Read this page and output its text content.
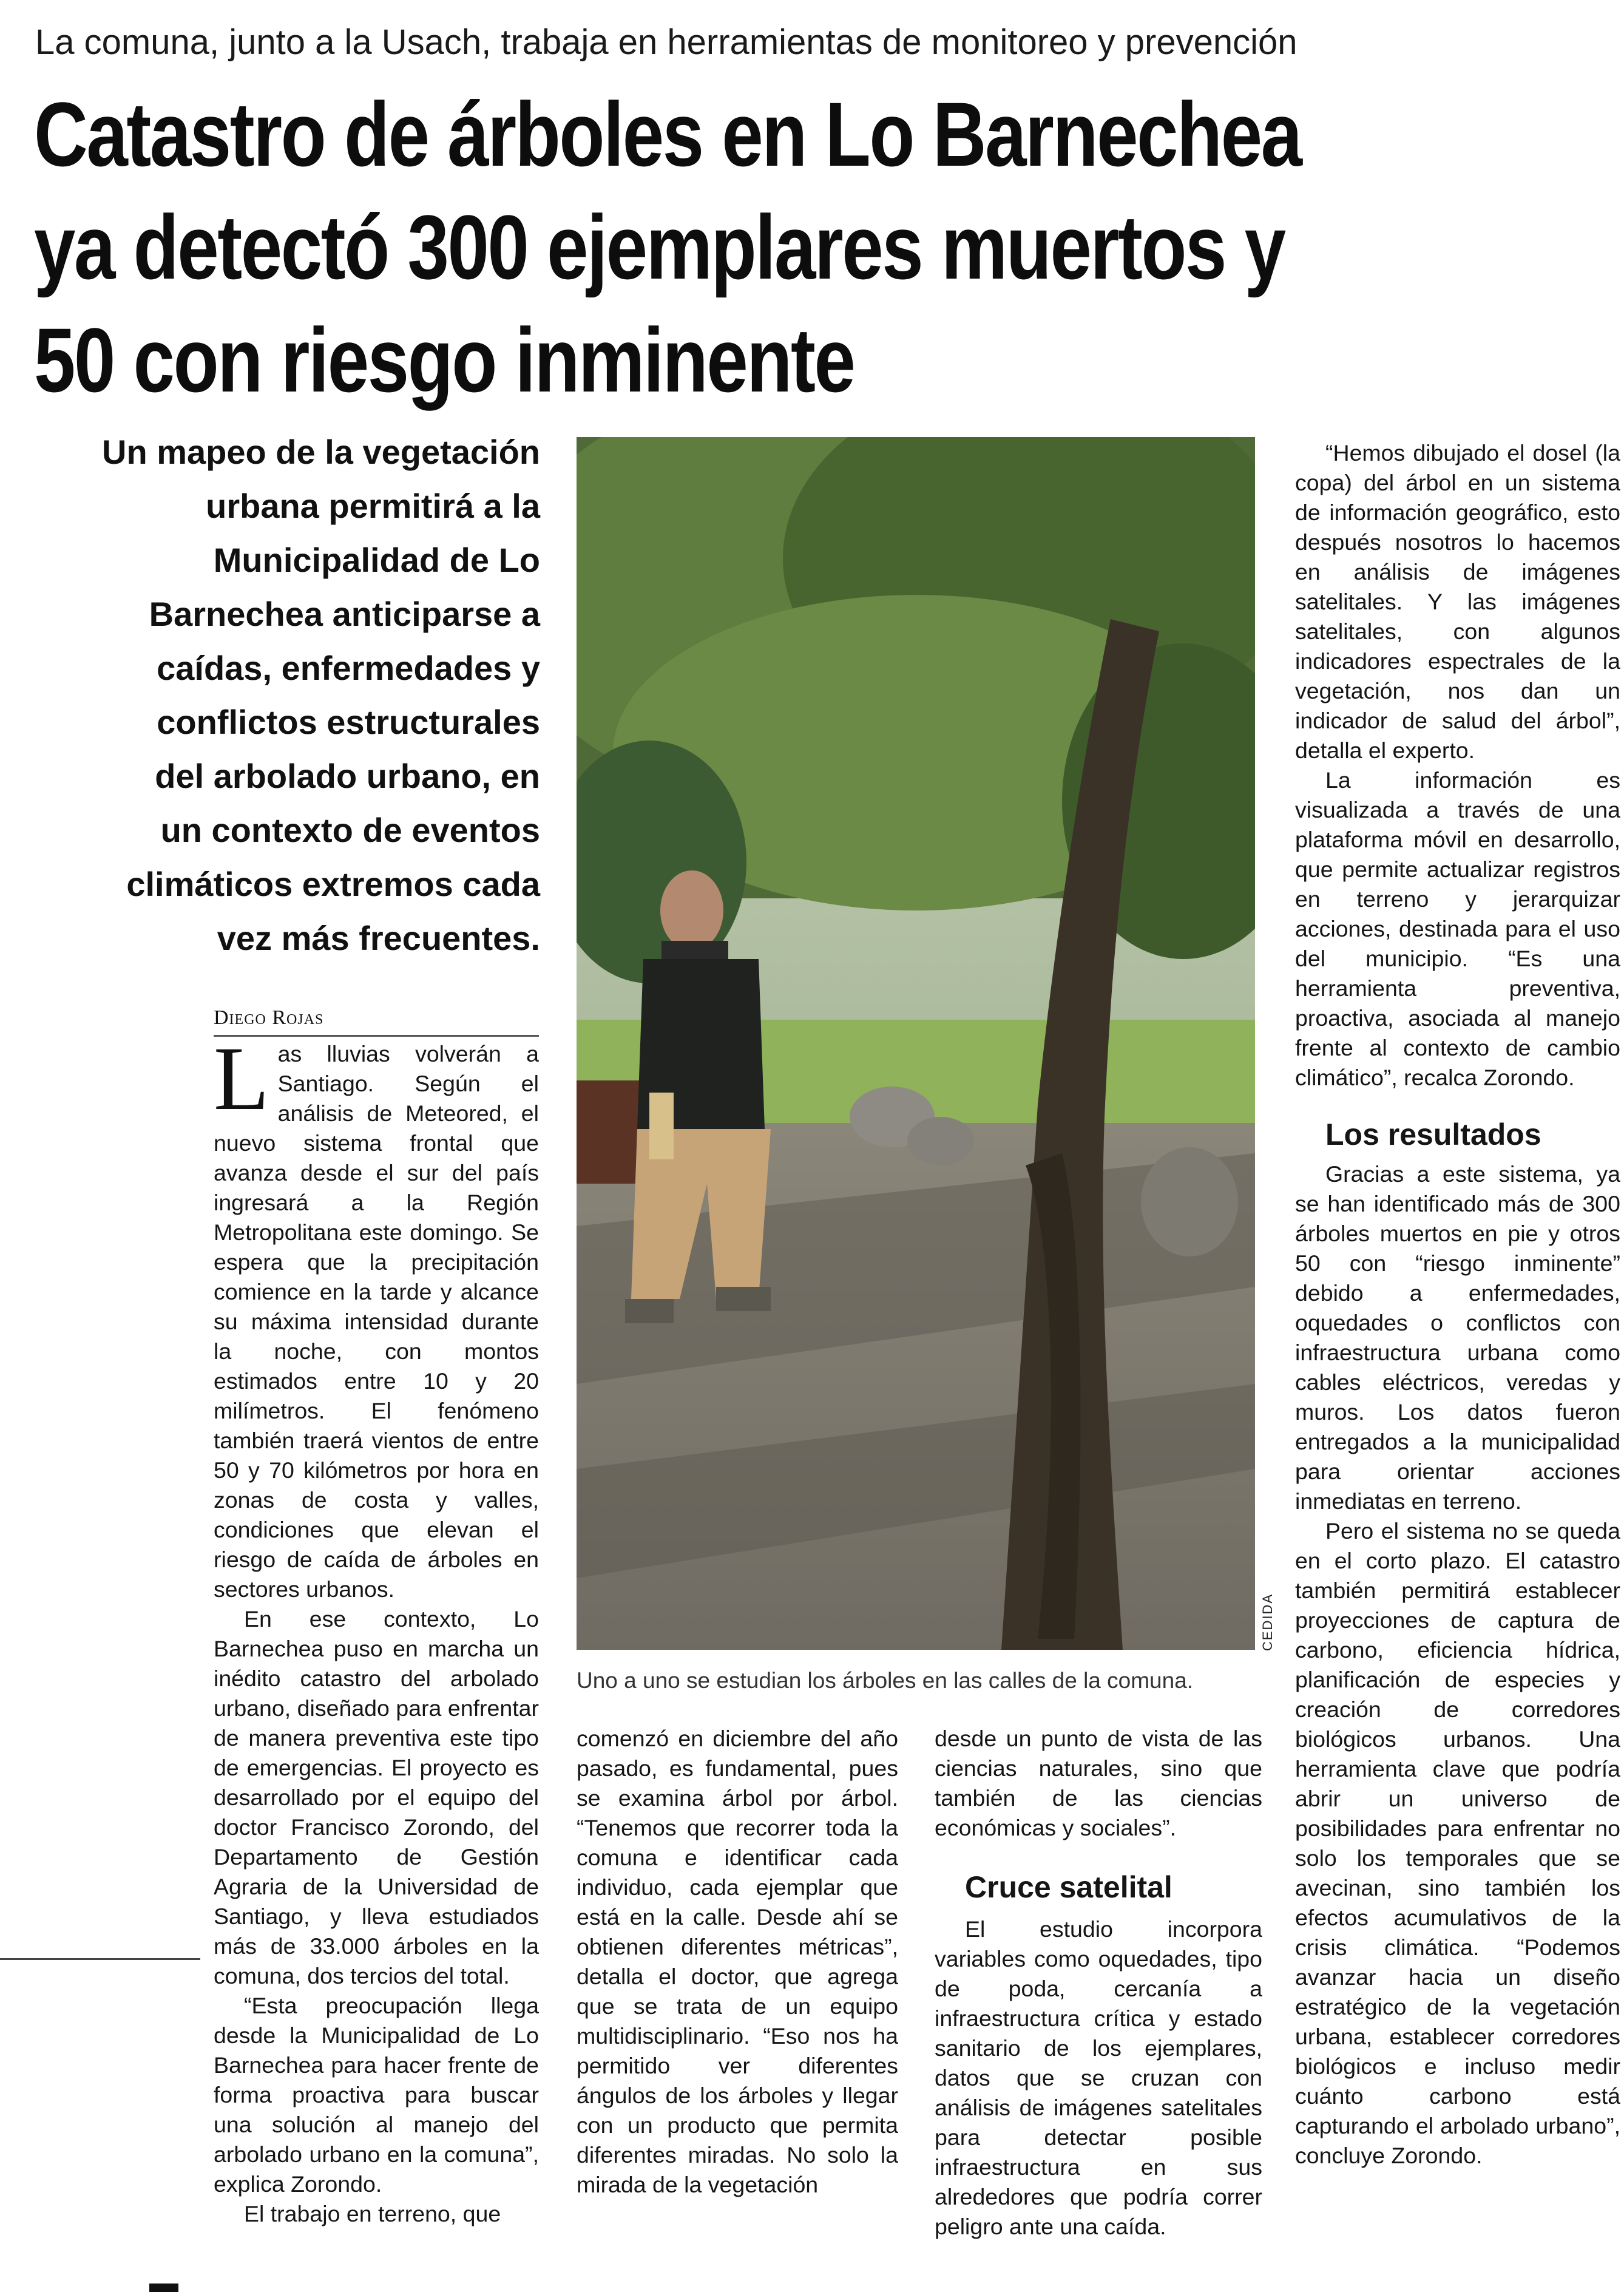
La comuna, junto a la Usach, trabaja en herramientas de monitoreo y prevención
Catastro de árboles en Lo Barnechea
ya detectó 300 ejemplares muertos y
50 con riesgo inminente
Un mapeo de la vegetación
urbana permitirá a la
Municipalidad de Lo
Barnechea anticiparse a
caídas, enfermedades y
conflictos estructurales
del arbolado urbano, en
un contexto de eventos
climáticos extremos cada
vez más frecuentes.
CEDIDA
Uno a uno se estudian los árboles en las calles de la comuna.
Diego Rojas
L as lluvias volverán a Santiago. Según el análisis de Meteored, el nuevo sistema frontal que avanza desde el sur del país ingresará a la Región Metropolitana este domingo. Se espera que la precipitación comience en la tarde y alcance su máxima intensidad durante la noche, con montos estimados entre 10 y 20 milímetros. El fenómeno también traerá vientos de entre 50 y 70 kilómetros por hora en zonas de costa y valles, condiciones que elevan el riesgo de caída de árboles en sectores urbanos.

En ese contexto, Lo Barnechea puso en marcha un inédito catastro del arbolado urbano, diseñado para enfrentar de manera preventiva este tipo de emergencias. El proyecto es desarrollado por el equipo del doctor Francisco Zorondo, del Departamento de Gestión Agraria de la Universidad de Santiago, y lleva estudiados más de 33.000 árboles en la comuna, dos tercios del total.

“Esta preocupación llega desde la Municipalidad de Lo Barnechea para hacer frente de forma proactiva para buscar una solución al manejo del arbolado urbano en la comuna”, explica Zorondo.

El trabajo en terreno, que

comenzó en diciembre del año pasado, es fundamental, pues se examina árbol por árbol. “Tenemos que recorrer toda la comuna e identificar cada individuo, cada ejemplar que está en la calle. Desde ahí se obtienen diferentes métricas”, detalla el doctor, que agrega que se trata de un equipo multidisciplinario. “Eso nos ha permitido ver diferentes ángulos de los árboles y llegar con un producto que permita diferentes miradas. No solo la mirada de la vegetación

desde un punto de vista de las ciencias naturales, sino que también de las ciencias económicas y sociales”.

Cruce satelital

El estudio incorpora variables como oquedades, tipo de poda, cercanía a infraestructura crítica y estado sanitario de los ejemplares, datos que se cruzan con análisis de imágenes satelitales para detectar posible infraestructura en sus alrededores que podría correr peligro ante una caída.

“Hemos dibujado el dosel (la copa) del árbol en un sistema de información geográfico, esto después nosotros lo hacemos en análisis de imágenes satelitales. Y las imágenes satelitales, con algunos indicadores espectrales de la vegetación, nos dan un indicador de salud del árbol”, detalla el experto.

La información es visualizada a través de una plataforma móvil en desarrollo, que permite actualizar registros en terreno y jerarquizar acciones, destinada para el uso del municipio. “Es una herramienta preventiva, proactiva, asociada al manejo frente al contexto de cambio climático”, recalca Zorondo.

Los resultados

Gracias a este sistema, ya se han identificado más de 300 árboles muertos en pie y otros 50 con “riesgo inminente” debido a enfermedades, oquedades o conflictos con infraestructura urbana como cables eléctricos, veredas y muros. Los datos fueron entregados a la municipalidad para orientar acciones inmediatas en terreno.

Pero el sistema no se queda en el corto plazo. El catastro también permitirá establecer proyecciones de captura de carbono, eficiencia hídrica, planificación de especies y creación de corredores biológicos urbanos. Una herramienta clave que podría abrir un universo de posibilidades para enfrentar no solo los temporales que se avecinan, sino también los efectos acumulativos de la crisis climática. “Podemos avanzar hacia un diseño estratégico de la vegetación urbana, establecer corredores biológicos e incluso medir cuánto carbono está capturando el arbolado urbano”, concluye Zorondo.
